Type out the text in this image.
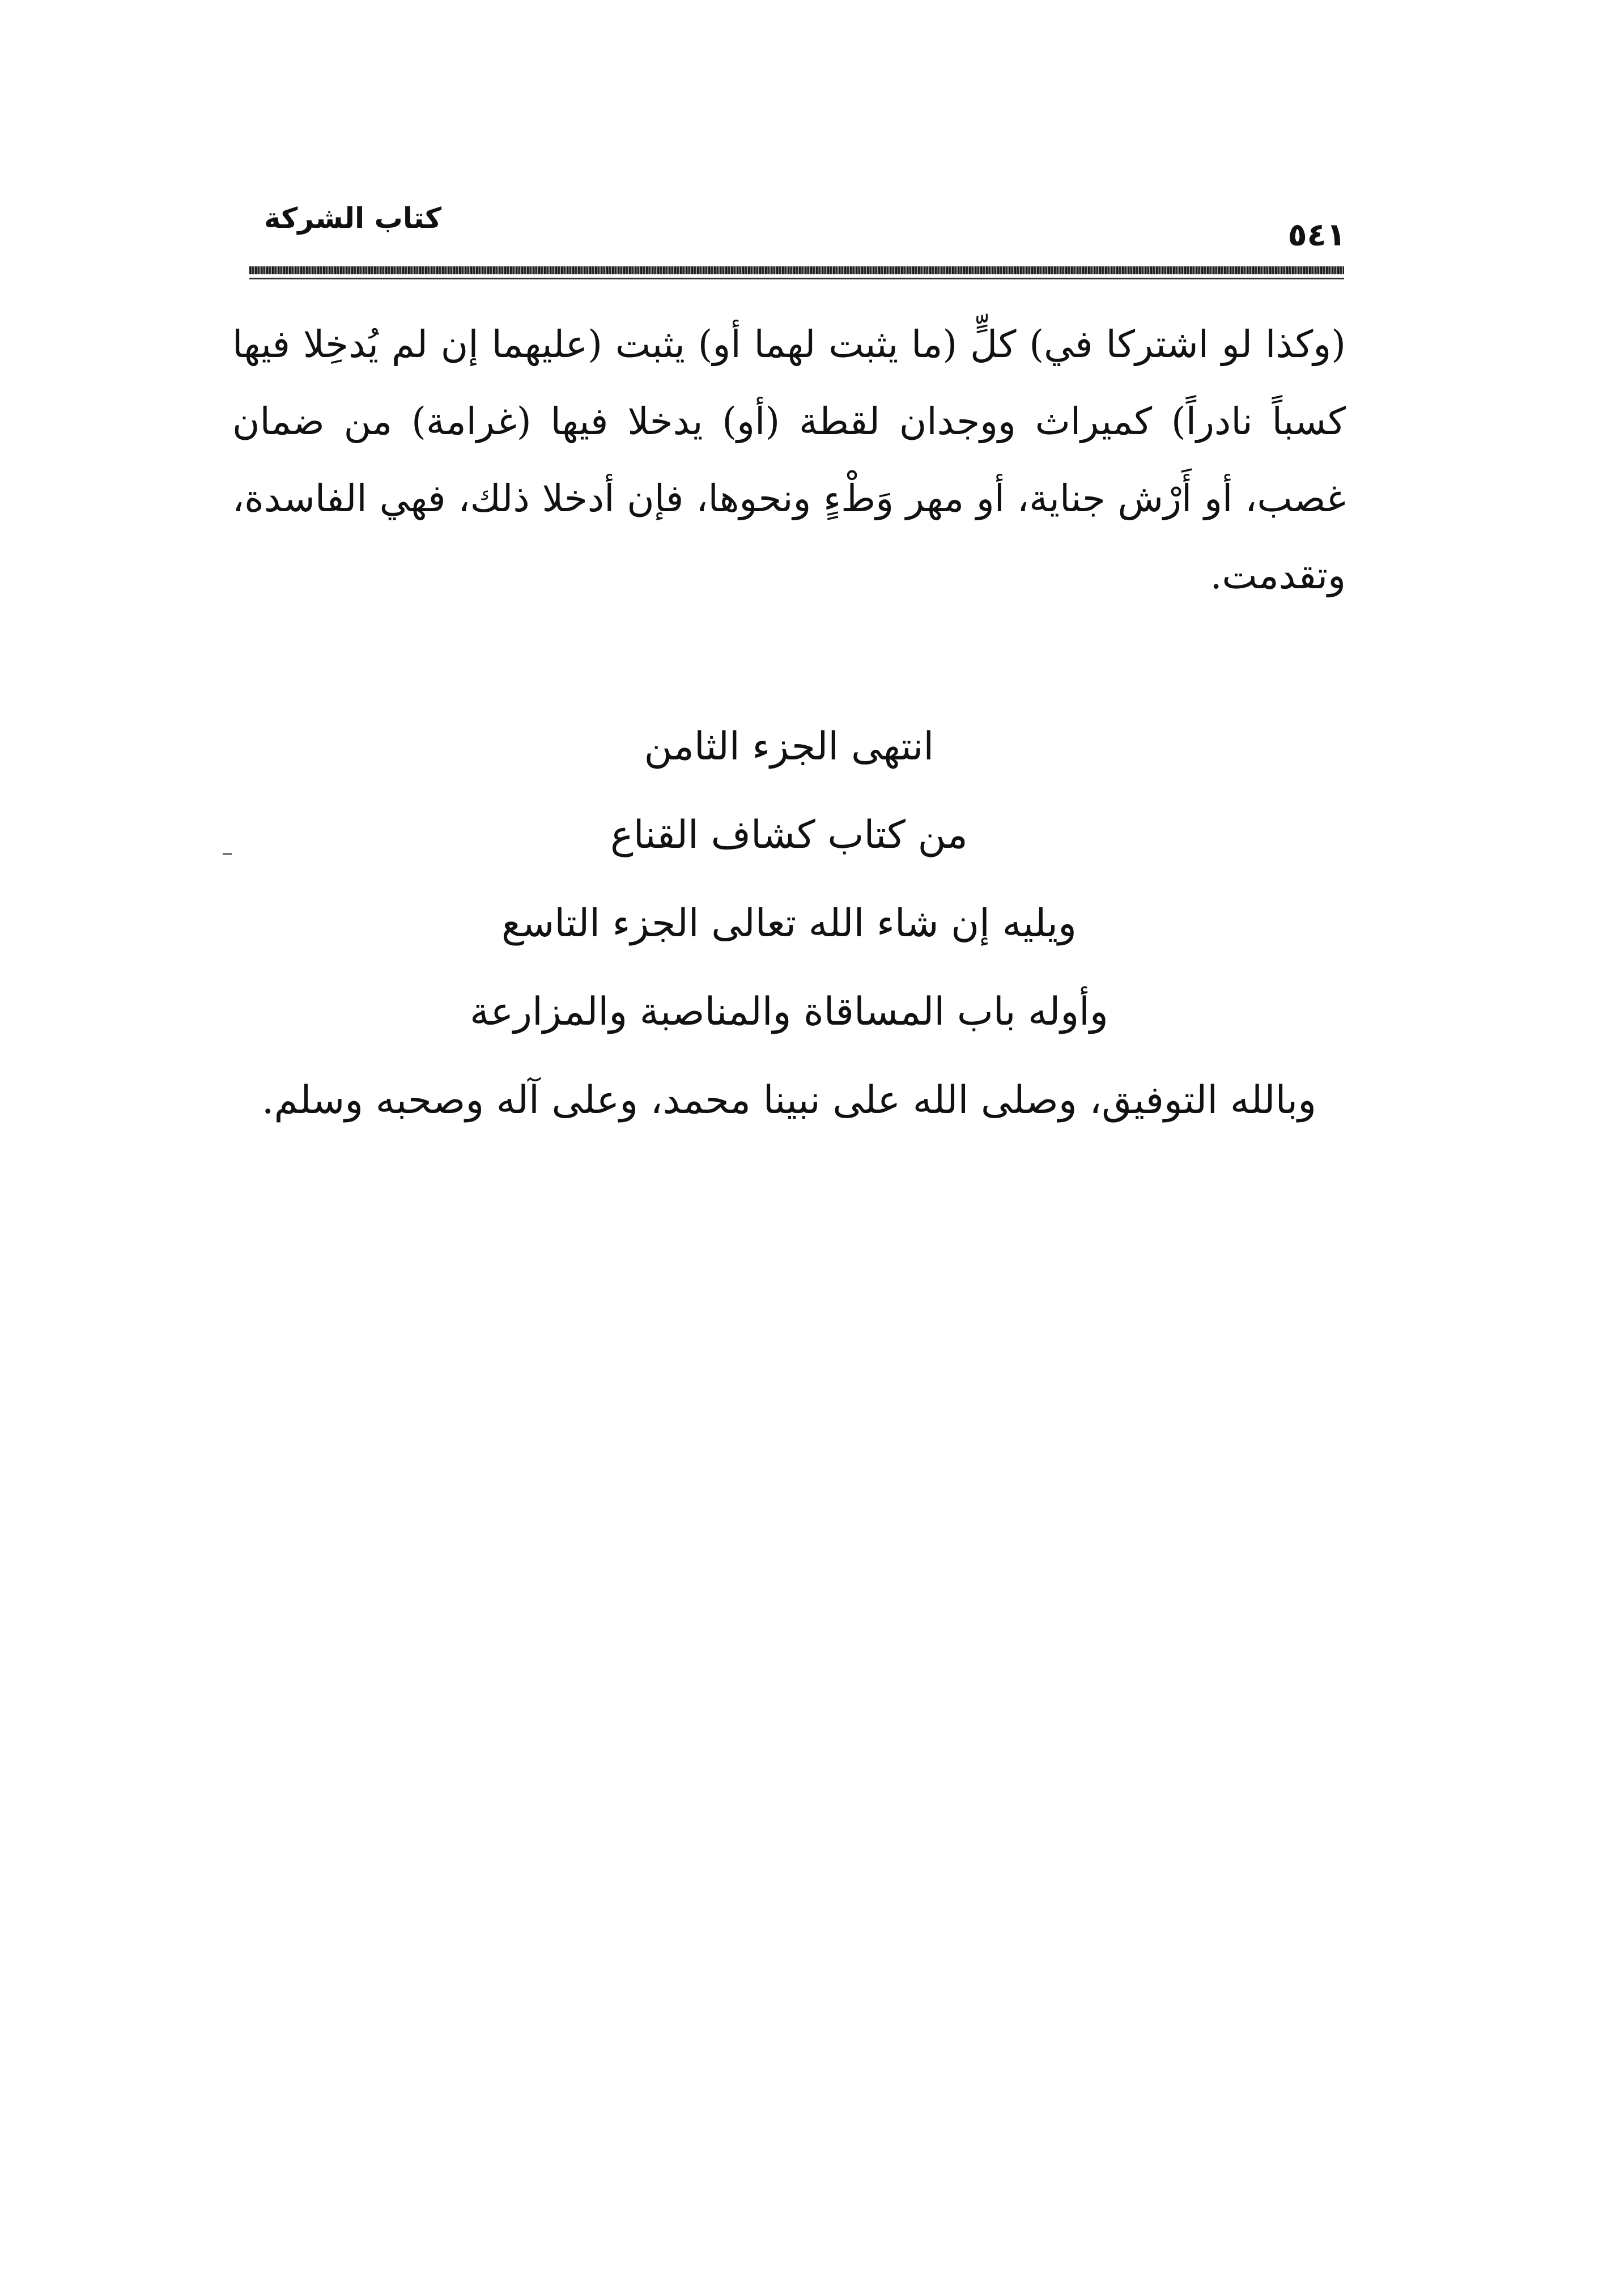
كتاب الشركة	٥٤١

(وكذا لو اشتركا في) كلٍّ (ما يثبت لهما أو) يثبت (عليهما إن لم يُدخِلا فيها كسباً نادراً) كميراث ووجدان لقطة (أو) يدخلا فيها (غرامة) من ضمان غصب، أو أَرْش جناية، أو مهر وَطْءٍ ونحوها، فإن أدخلا ذلك، فهي الفاسدة، وتقدمت.

انتهى الجزء الثامن
من كتاب كشاف القناع
ويليه إن شاء الله تعالى الجزء التاسع
وأوله باب المساقاة والمناصبة والمزارعة
وبالله التوفيق، وصلى الله على نبينا محمد، وعلى آله وصحبه وسلم.
